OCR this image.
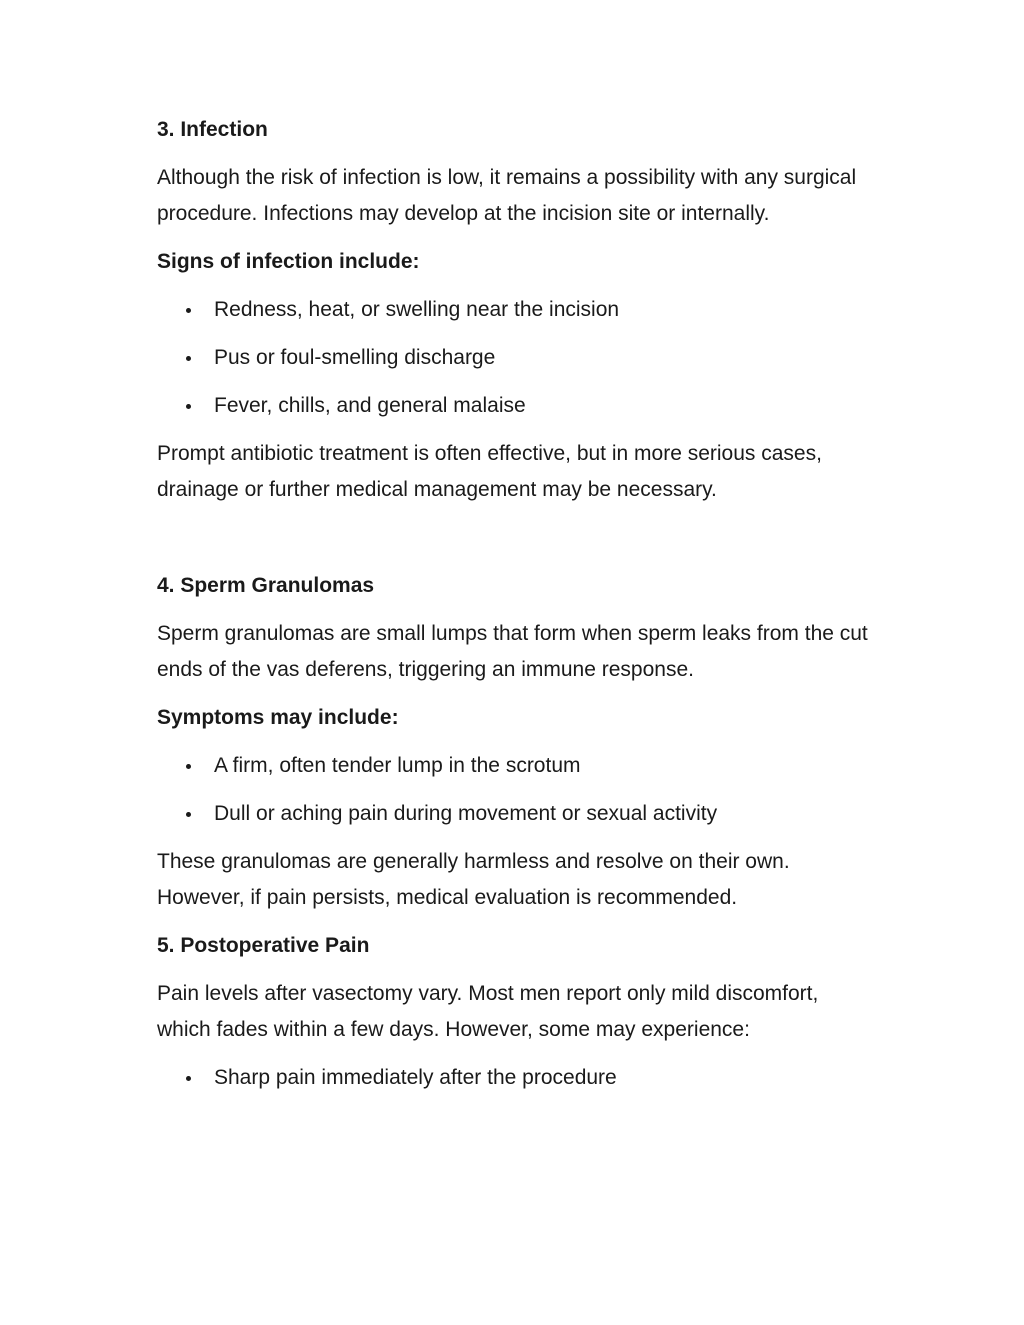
3. Infection
Although the risk of infection is low, it remains a possibility with any surgical procedure. Infections may develop at the incision site or internally.
Signs of infection include:
Redness, heat, or swelling near the incision
Pus or foul-smelling discharge
Fever, chills, and general malaise
Prompt antibiotic treatment is often effective, but in more serious cases, drainage or further medical management may be necessary.
4. Sperm Granulomas
Sperm granulomas are small lumps that form when sperm leaks from the cut ends of the vas deferens, triggering an immune response.
Symptoms may include:
A firm, often tender lump in the scrotum
Dull or aching pain during movement or sexual activity
These granulomas are generally harmless and resolve on their own. However, if pain persists, medical evaluation is recommended.
5. Postoperative Pain
Pain levels after vasectomy vary. Most men report only mild discomfort, which fades within a few days. However, some may experience:
Sharp pain immediately after the procedure
